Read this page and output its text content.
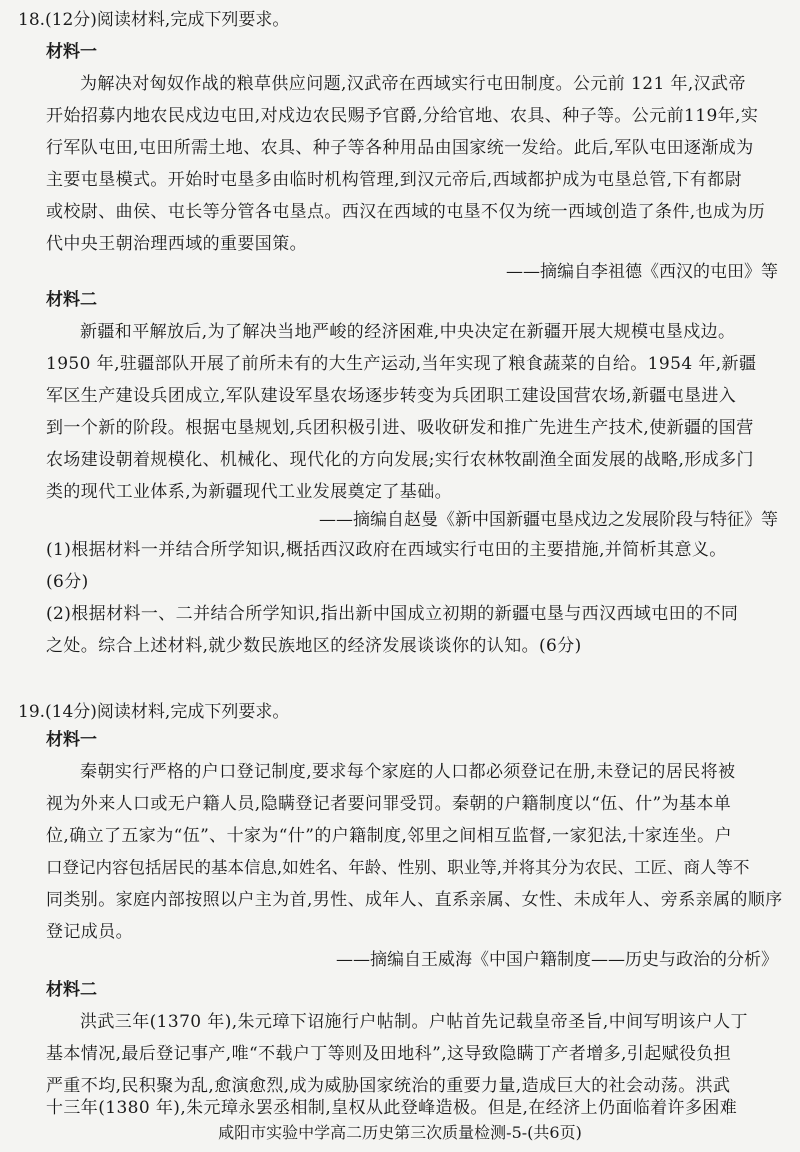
18.(12分)阅读材料,完成下列要求。
材料一
为解决对匈奴作战的粮草供应问题,汉武帝在西域实行屯田制度。公元前 121 年,汉武帝
开始招募内地农民戍边屯田,对戍边农民赐予官爵,分给官地、农具、种子等。公元前119年,实
行军队屯田,屯田所需土地、农具、种子等各种用品由国家统一发给。此后,军队屯田逐渐成为
主要屯垦模式。开始时屯垦多由临时机构管理,到汉元帝后,西域都护成为屯垦总管,下有都尉
或校尉、曲侯、屯长等分管各屯垦点。西汉在西域的屯垦不仅为统一西域创造了条件,也成为历
代中央王朝治理西域的重要国策。
——摘编自李祖德《西汉的屯田》等
材料二
新疆和平解放后,为了解决当地严峻的经济困难,中央决定在新疆开展大规模屯垦戍边。
1950 年,驻疆部队开展了前所未有的大生产运动,当年实现了粮食蔬菜的自给。1954 年,新疆
军区生产建设兵团成立,军队建设军垦农场逐步转变为兵团职工建设国营农场,新疆屯垦进入
到一个新的阶段。根据屯垦规划,兵团积极引进、吸收研发和推广先进生产技术,使新疆的国营
农场建设朝着规模化、机械化、现代化的方向发展;实行农林牧副渔全面发展的战略,形成多门
类的现代工业体系,为新疆现代工业发展奠定了基础。
——摘编自赵曼《新中国新疆屯垦戍边之发展阶段与特征》等
(1)根据材料一并结合所学知识,概括西汉政府在西域实行屯田的主要措施,并简析其意义。
(6分)
(2)根据材料一、二并结合所学知识,指出新中国成立初期的新疆屯垦与西汉西域屯田的不同
之处。综合上述材料,就少数民族地区的经济发展谈谈你的认知。(6分)
19.(14分)阅读材料,完成下列要求。
材料一
秦朝实行严格的户口登记制度,要求每个家庭的人口都必须登记在册,未登记的居民将被
视为外来人口或无户籍人员,隐瞒登记者要问罪受罚。秦朝的户籍制度以“伍、什”为基本单
位,确立了五家为“伍”、十家为“什”的户籍制度,邻里之间相互监督,一家犯法,十家连坐。户
口登记内容包括居民的基本信息,如姓名、年龄、性别、职业等,并将其分为农民、工匠、商人等不
同类别。家庭内部按照以户主为首,男性、成年人、直系亲属、女性、未成年人、旁系亲属的顺序
登记成员。
——摘编自王威海《中国户籍制度——历史与政治的分析》
材料二
洪武三年(1370 年),朱元璋下诏施行户帖制。户帖首先记载皇帝圣旨,中间写明该户人丁
基本情况,最后登记事产,唯“不载户丁等则及田地科”,这导致隐瞒丁产者增多,引起赋役负担
严重不均,民积聚为乱,愈演愈烈,成为威胁国家统治的重要力量,造成巨大的社会动荡。洪武
十三年(1380 年),朱元璋永罢丞相制,皇权从此登峰造极。但是,在经济上仍面临着许多困难
咸阳市实验中学高二历史第三次质量检测-5-(共6页)
